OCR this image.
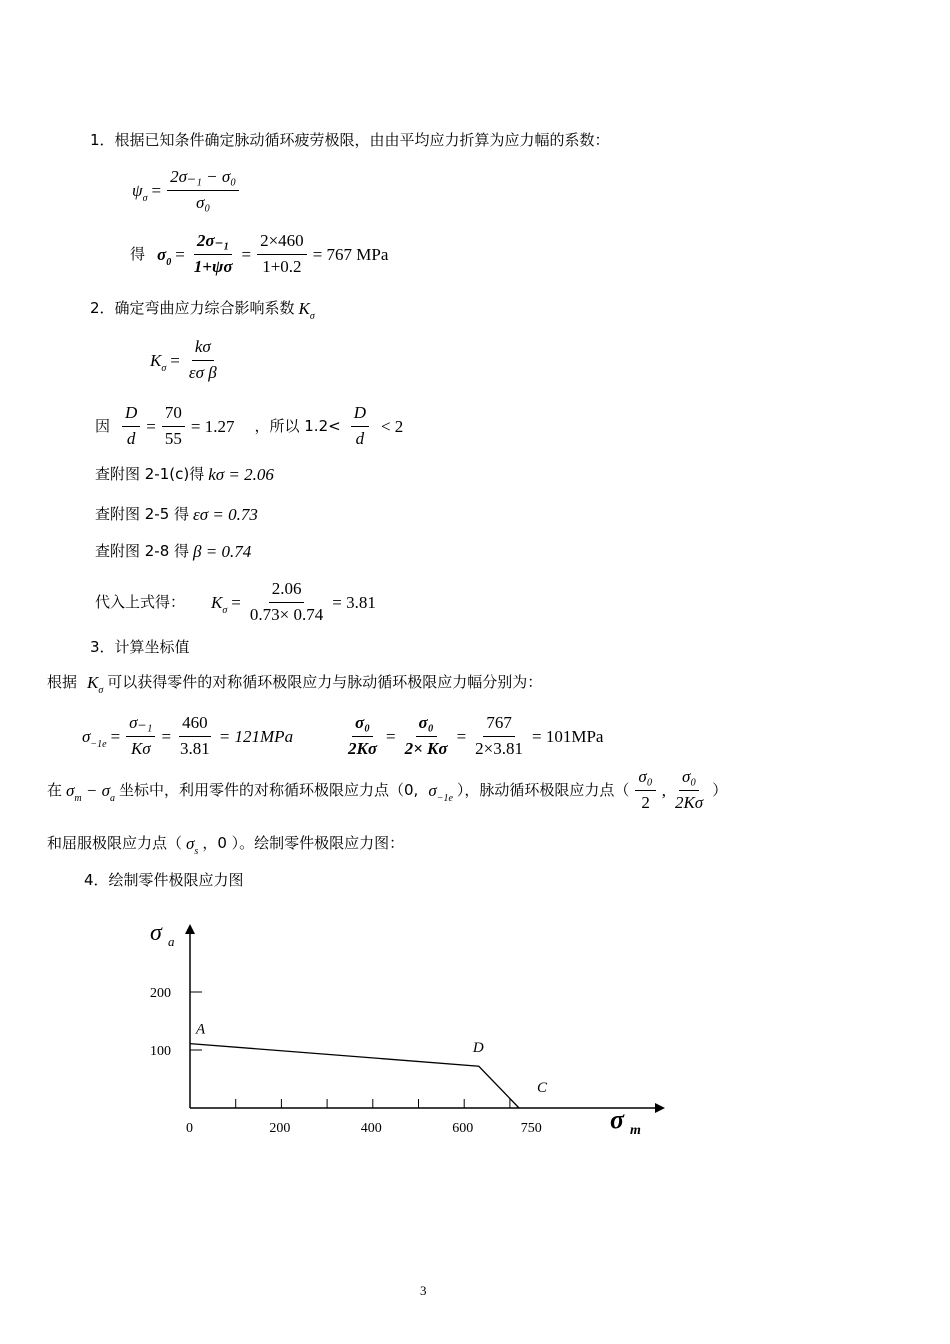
1．根据已知条件确定脉动循环疲劳极限，由由平均应力折算为应力幅的系数：
$\psi_\sigma = \frac{\text{2σ₋₁ − σ₀}}{\text{σ₀}}$
得 $\sigma_0 = \frac{\text{2σ₋₁}}{1+\psi\sigma} = \frac{2\times 460}{1+0.2} = 767$ MPa
2．确定弯曲应力综合影响系数 $K_\sigma$
$K_\sigma = \frac{k\sigma}{\text{εσ β}}$
因 $\frac{D}{d} = \frac{70}{55} = 1.27$ ，所以 $1.2< \frac{D}{d} < 2$
查附图 2-1(c)得 kσ = 2.06
查附图 2-5 得 εσ = 0.73
查附图 2-8 得 β = 0.74
代入上式得： $K_\sigma = \frac{2.06}{0.73\times 0.74} = 3.81$
3．计算坐标值
根据 $K_\sigma$ 可以获得零件的对称循环极限应力与脉动循环极限应力幅分别为：
$\sigma_{-1e} = \frac{\text{σ₋₁}}{K\sigma} = \frac{460}{3.81} = 121MPa$	$\frac{\text{σ₀}}{2K\sigma} = \frac{\text{σ₀}}{2\times K\sigma} = \frac{767}{2\times 3.81} = 101MPa$
在 $\sigma_m - \sigma_a$ 坐标中，利用零件的对称循环极限应力点（0, $\sigma_{-1e}$ ），脉动循环极限应力点（ $\frac{\text{σ₀}}{2}$ , $\frac{\text{σ₀}}{2K\sigma}$ ）
和屈服极限应力点（ $\sigma_s$ ，0 ）。绘制零件极限应力图：
4．绘制零件极限应力图
σ a
σ m
0	200	400	600	750
100
200
A
D
C
3
